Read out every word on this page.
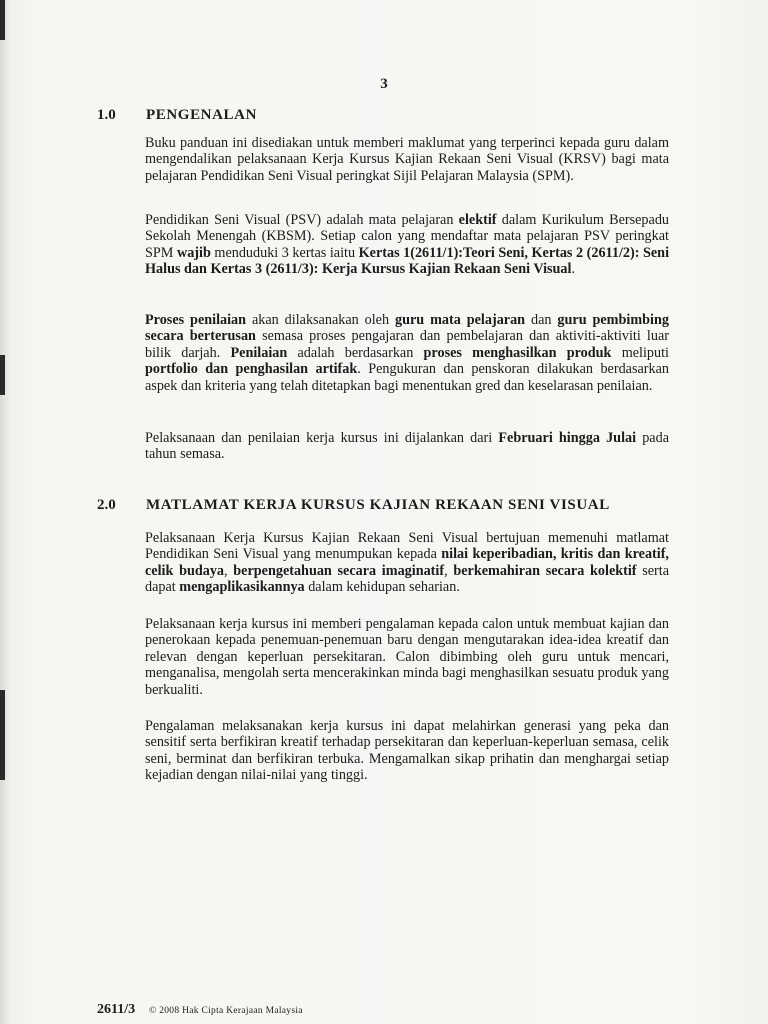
3
1.0 PENGENALAN
Buku panduan ini disediakan untuk memberi maklumat yang terperinci kepada guru dalam mengendalikan pelaksanaan Kerja Kursus Kajian Rekaan Seni Visual (KRSV) bagi mata pelajaran Pendidikan Seni Visual peringkat Sijil Pelajaran Malaysia (SPM).
Pendidikan Seni Visual (PSV) adalah mata pelajaran elektif dalam Kurikulum Bersepadu Sekolah Menengah (KBSM). Setiap calon yang mendaftar mata pelajaran PSV peringkat SPM wajib menduduki 3 kertas iaitu Kertas 1(2611/1):Teori Seni, Kertas 2 (2611/2): Seni Halus dan Kertas 3 (2611/3): Kerja Kursus Kajian Rekaan Seni Visual.
Proses penilaian akan dilaksanakan oleh guru mata pelajaran dan guru pembimbing secara berterusan semasa proses pengajaran dan pembelajaran dan aktiviti-aktiviti luar bilik darjah. Penilaian adalah berdasarkan proses menghasilkan produk meliputi portfolio dan penghasilan artifak. Pengukuran dan penskoran dilakukan berdasarkan aspek dan kriteria yang telah ditetapkan bagi menentukan gred dan keselarasan penilaian.
Pelaksanaan dan penilaian kerja kursus ini dijalankan dari Februari hingga Julai pada tahun semasa.
2.0 MATLAMAT KERJA KURSUS KAJIAN REKAAN SENI VISUAL
Pelaksanaan Kerja Kursus Kajian Rekaan Seni Visual bertujuan memenuhi matlamat Pendidikan Seni Visual yang menumpukan kepada nilai keperibadian, kritis dan kreatif, celik budaya, berpengetahuan secara imaginatif, berkemahiran secara kolektif serta dapat mengaplikasikannya dalam kehidupan seharian.
Pelaksanaan kerja kursus ini memberi pengalaman kepada calon untuk membuat kajian dan penerokaan kepada penemuan-penemuan baru dengan mengutarakan idea-idea kreatif dan relevan dengan keperluan persekitaran. Calon dibimbing oleh guru untuk mencari, menganalisa, mengolah serta mencerakinkan minda bagi menghasilkan sesuatu produk yang berkualiti.
Pengalaman melaksanakan kerja kursus ini dapat melahirkan generasi yang peka dan sensitif serta berfikiran kreatif terhadap persekitaran dan keperluan-keperluan semasa, celik seni, berminat dan berfikiran terbuka. Mengamalkan sikap prihatin dan menghargai setiap kejadian dengan nilai-nilai yang tinggi.
2611/3 © 2008 Hak Cipta Kerajaan Malaysia
